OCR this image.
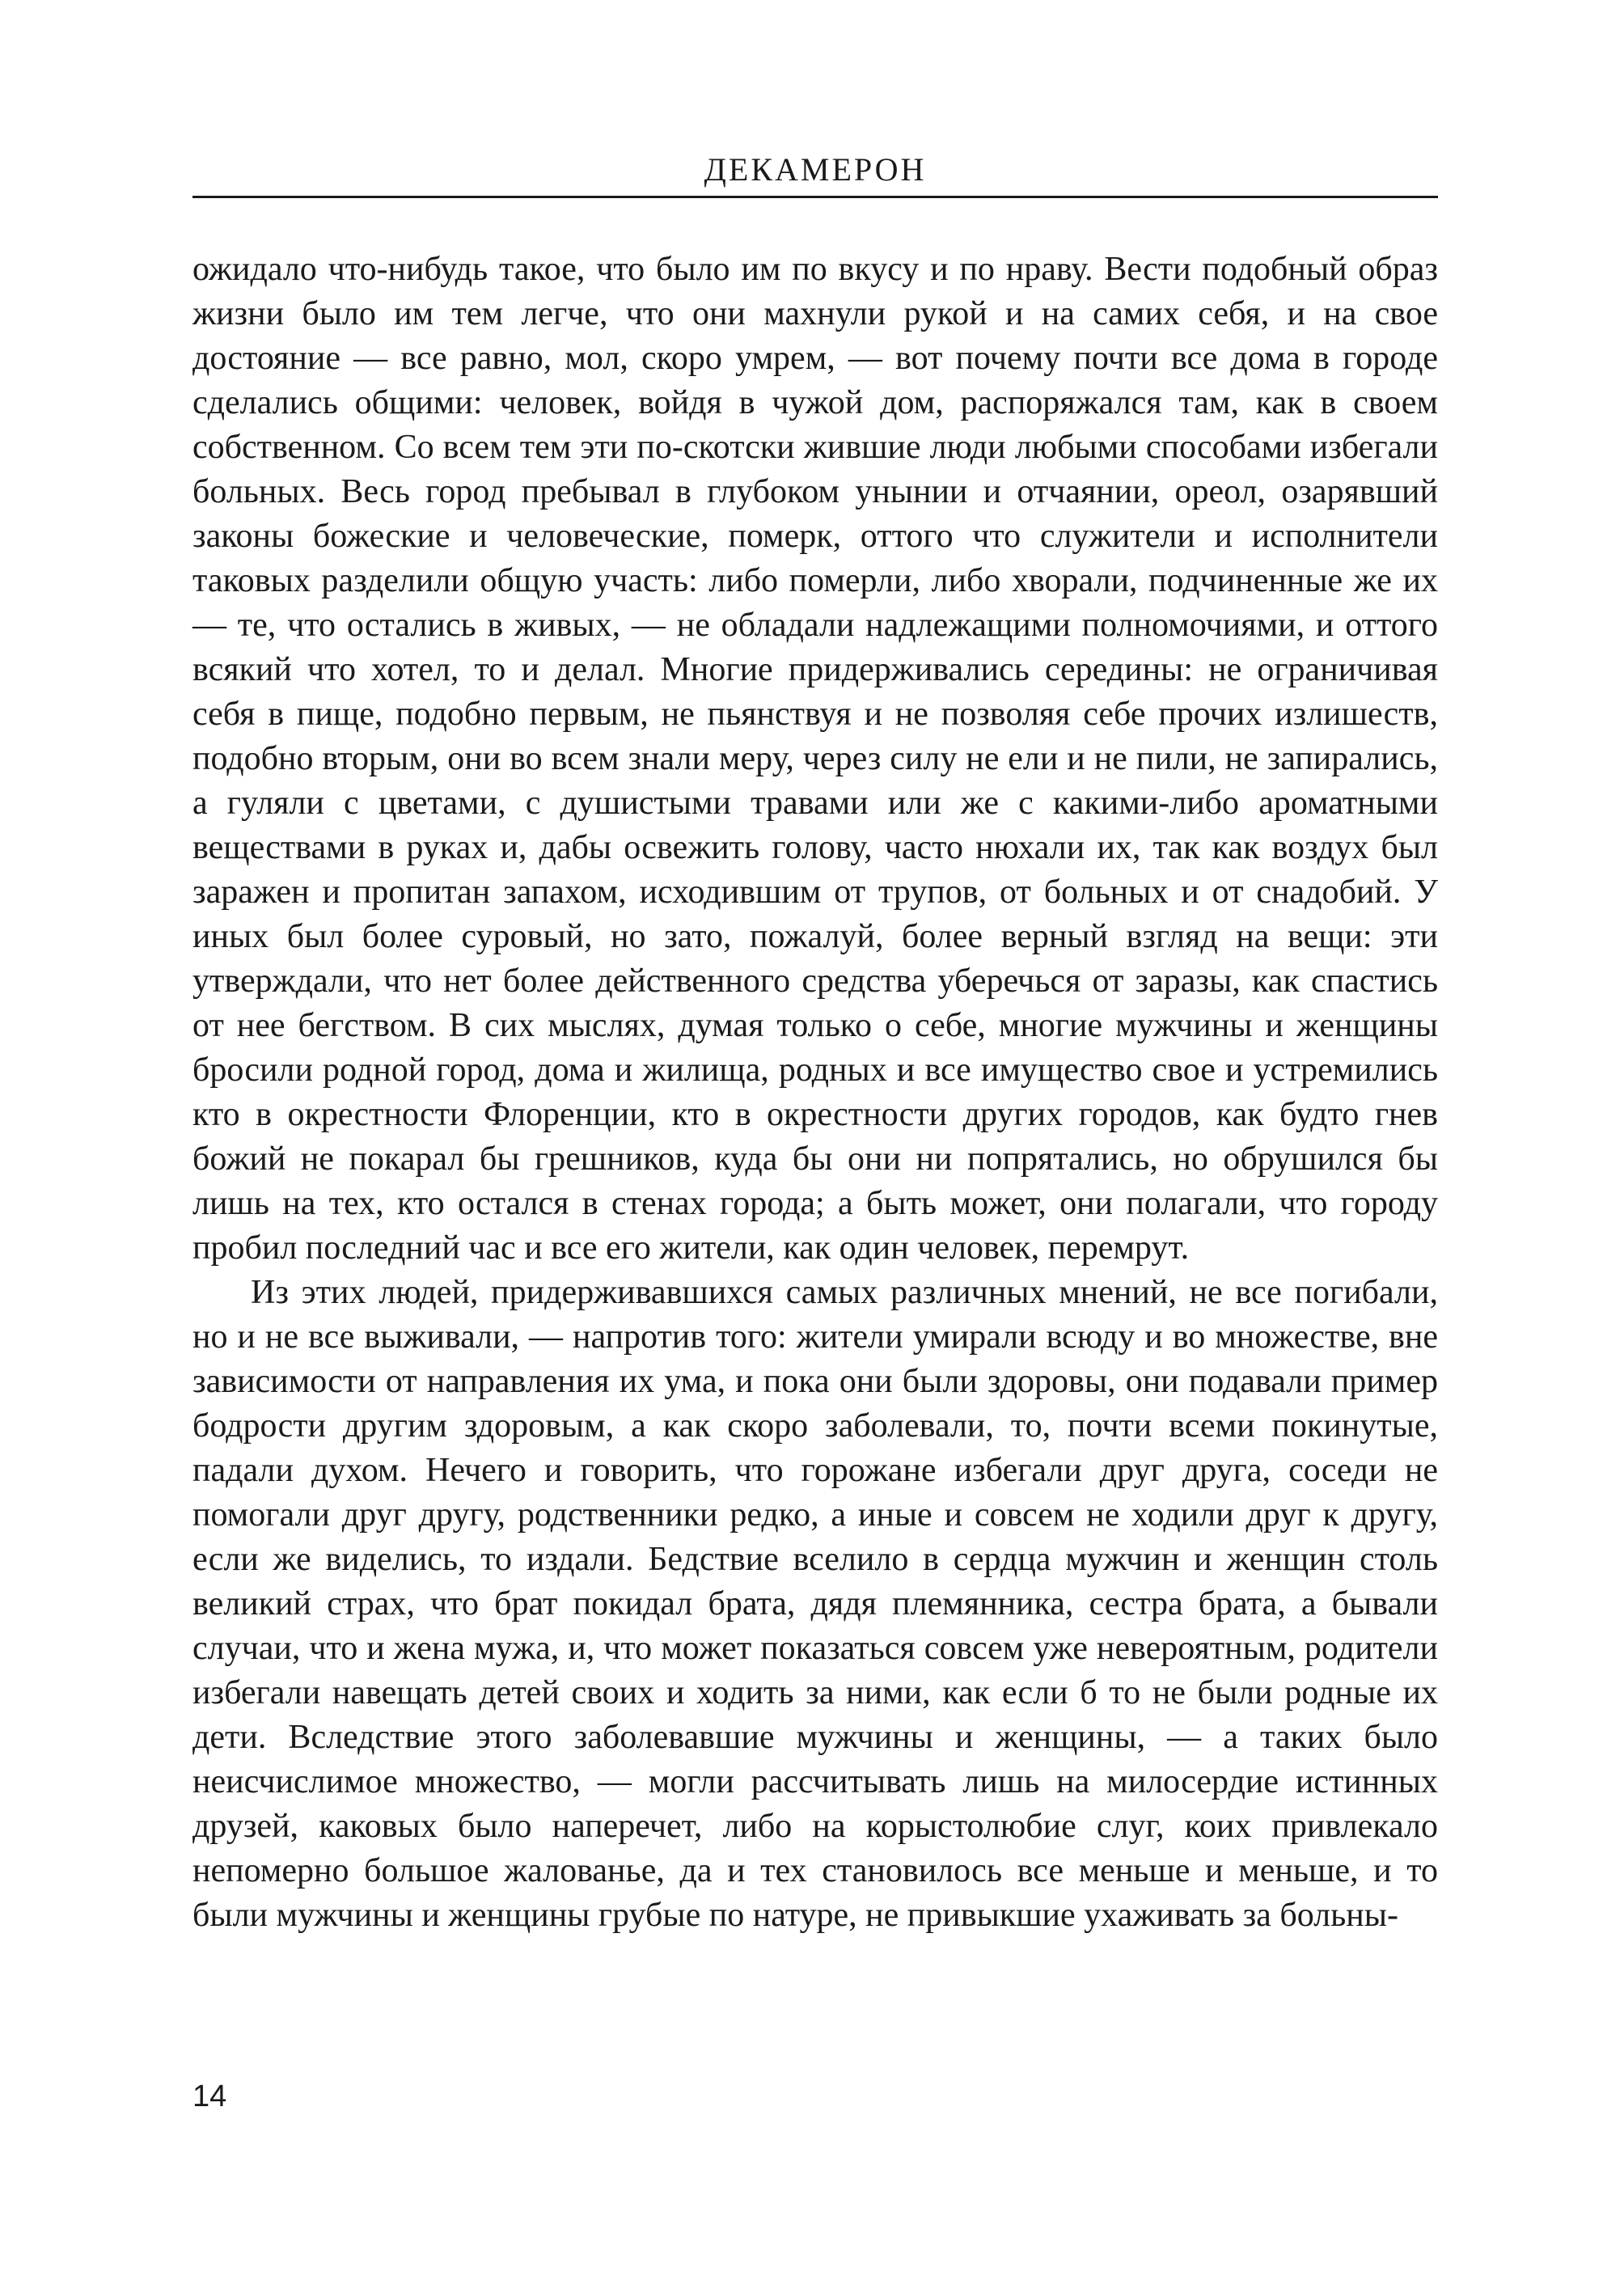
ДЕКАМЕРОН

ожидало что-нибудь такое, что было им по вкусу и по нраву. Вести подобный образ жизни было им тем легче, что они махнули рукой и на самих себя, и на свое достояние — все равно, мол, скоро умрем, — вот почему почти все дома в городе сделались общими: человек, войдя в чужой дом, распоряжался там, как в своем собственном. Со всем тем эти по-скотски жившие люди любыми способами избегали больных. Весь город пребывал в глубоком унынии и отчаянии, ореол, озарявший законы божеские и человеческие, померк, оттого что служители и исполнители таковых разделили общую участь: либо померли, либо хворали, подчиненные же их — те, что остались в живых, — не обладали надлежащими полномочиями, и оттого всякий что хотел, то и делал. Многие придерживались середины: не ограничивая себя в пище, подобно первым, не пьянствуя и не позволяя себе прочих излишеств, подобно вторым, они во всем знали меру, через силу не ели и не пили, не запирались, а гуляли с цветами, с душистыми травами или же с какими-либо ароматными веществами в руках и, дабы освежить голову, часто нюхали их, так как воздух был заражен и пропитан запахом, исходившим от трупов, от больных и от снадобий. У иных был более суровый, но зато, пожалуй, более верный взгляд на вещи: эти утверждали, что нет более действенного средства уберечься от заразы, как спастись от нее бегством. В сих мыслях, думая только о себе, многие мужчины и женщины бросили родной город, дома и жилища, родных и все имущество свое и устремились кто в окрестности Флоренции, кто в окрестности других городов, как будто гнев божий не покарал бы грешников, куда бы они ни попрятались, но обрушился бы лишь на тех, кто остался в стенах города; а быть может, они полагали, что городу пробил последний час и все его жители, как один человек, перемрут.

Из этих людей, придерживавшихся самых различных мнений, не все погибали, но и не все выживали, — напротив того: жители умирали всюду и во множестве, вне зависимости от направления их ума, и пока они были здоровы, они подавали пример бодрости другим здоровым, а как скоро заболевали, то, почти всеми покинутые, падали духом. Нечего и говорить, что горожане избегали друг друга, соседи не помогали друг другу, родственники редко, а иные и совсем не ходили друг к другу, если же виделись, то издали. Бедствие вселило в сердца мужчин и женщин столь великий страх, что брат покидал брата, дядя племянника, сестра брата, а бывали случаи, что и жена мужа, и, что может показаться совсем уже невероятным, родители избегали навещать детей своих и ходить за ними, как если б то не были родные их дети. Вследствие этого заболевавшие мужчины и женщины, — а таких было неисчислимое множество, — могли рассчитывать лишь на милосердие истинных друзей, каковых было наперечет, либо на корыстолюбие слуг, коих привлекало непомерно большое жалованье, да и тех становилось все меньше и меньше, и то были мужчины и женщины грубые по натуре, не привыкшие ухаживать за больны-

14
